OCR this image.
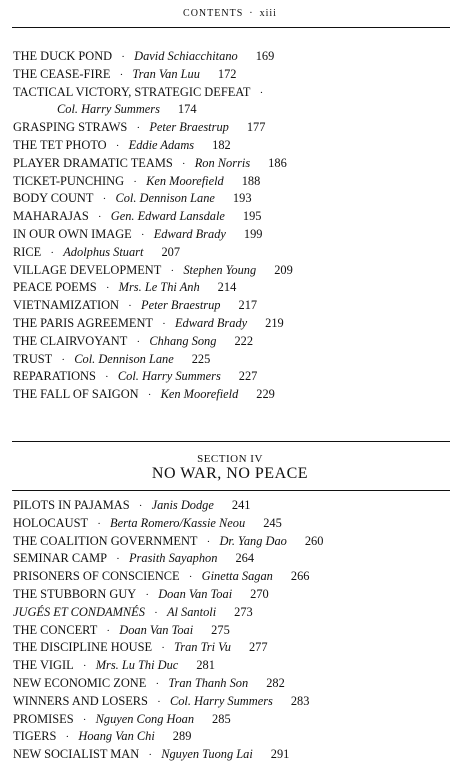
CONTENTS · xiii
THE DUCK POND · David Schiacchitano 169
THE CEASE-FIRE · Tran Van Luu 172
TACTICAL VICTORY, STRATEGIC DEFEAT ·
Col. Harry Summers 174
GRASPING STRAWS · Peter Braestrup 177
THE TET PHOTO · Eddie Adams 182
PLAYER DRAMATIC TEAMS · Ron Norris 186
TICKET-PUNCHING · Ken Moorefield 188
BODY COUNT · Col. Dennison Lane 193
MAHARAJAS · Gen. Edward Lansdale 195
IN OUR OWN IMAGE · Edward Brady 199
RICE · Adolphus Stuart 207
VILLAGE DEVELOPMENT · Stephen Young 209
PEACE POEMS · Mrs. Le Thi Anh 214
VIETNAMIZATION · Peter Braestrup 217
THE PARIS AGREEMENT · Edward Brady 219
THE CLAIRVOYANT · Chhang Song 222
TRUST · Col. Dennison Lane 225
REPARATIONS · Col. Harry Summers 227
THE FALL OF SAIGON · Ken Moorefield 229
SECTION IV
NO WAR, NO PEACE
PILOTS IN PAJAMAS · Janis Dodge 241
HOLOCAUST · Berta Romero/Kassie Neou 245
THE COALITION GOVERNMENT · Dr. Yang Dao 260
SEMINAR CAMP · Prasith Sayaphon 264
PRISONERS OF CONSCIENCE · Ginetta Sagan 266
THE STUBBORN GUY · Doan Van Toai 270
JUGÉS ET CONDAMNÉS · Al Santoli 273
THE CONCERT · Doan Van Toai 275
THE DISCIPLINE HOUSE · Tran Tri Vu 277
THE VIGIL · Mrs. Lu Thi Duc 281
NEW ECONOMIC ZONE · Tran Thanh Son 282
WINNERS AND LOSERS · Col. Harry Summers 283
PROMISES · Nguyen Cong Hoan 285
TIGERS · Hoang Van Chi 289
NEW SOCIALIST MAN · Nguyen Tuong Lai 291
